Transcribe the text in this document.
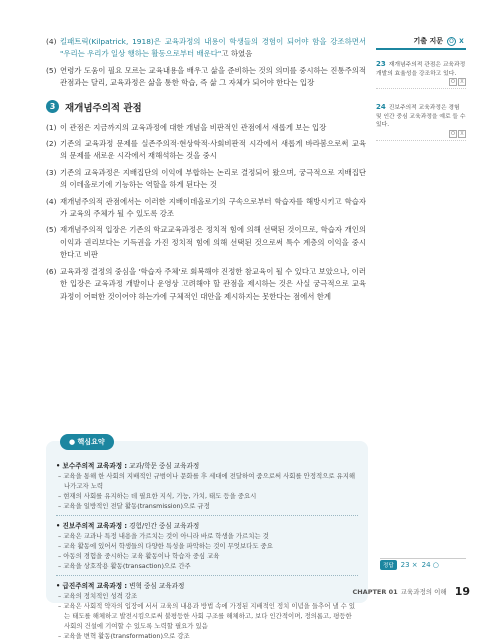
(4) 킬패트릭(Kilpatrick, 1918)은 교육과정의 내용이 학생들의 경험이 되어야 함을 강조하면서 "우리는 우리가 일상 행하는 활동으로부터 배운다"고 하였음
(5) 연령가 도움이 필요 모르는 교육내용을 배우고 삶을 준비하는 것의 의미를 중시하는 진통주의적 관점과는 달리, 교육과정은 삶을 통한 학습, 즉 삶 그 자체가 되어야 한다는 입장
3	재개념주의적 관점
(1) 이 관점은 지금까지의 교육과정에 대한 개념을 비판적인 관점에서 새롭게 보는 입장
(2) 기존의 교육과정 문제를 실존주의적·현상학적·사회비판적 시각에서 새롭게 바라봄으로써 교육의 문제를 새로운 시각에서 재해석하는 것을 중시
(3) 기존의 교육과정은 지배집단의 이익에 부합하는 논리로 결정되어 왔으며, 궁극적으로 지배집단의 이데올로기에 기능하는 역할을 하게 된다는 것
(4) 재개념주의적 관점에서는 이러한 지배이데올로기의 구속으로부터 학습자를 해방시키고 학습자가 교육의 주체가 될 수 있도록 강조
(5) 재개념주의적 입장은 기존의 학교교육과정은 정치적 힘에 의해 선택된 것이므로, 학습자 개인의 이익과 권리보다는 기득권을 가진 정치적 힘에 의해 선택된 것으로써 특수 계층의 이익을 중시한다고 비판
(6) 교육과정 결정의 중심을 '학습자 주체'로 회복해야 진정한 참교육이 될 수 있다고 보았으나, 이러한 입장은 교육과정 개발이나 운영상 고려해야 할 관점을 제시하는 것은 사실 궁극적으로 교육과정이 어떠한 것이어야 하는가에 구체적인 대안을 제시하지는 못한다는 점에서 한계
● 핵심요약
• 보수주의적 교육과정 : 교과/학문 중심 교육과정
– 교육을 통해 한 사회의 지배적인 규범이나 문화를 후 세대에 전달하여 줌으로써 사회를 안정적으로 유지해 나가고자 노력
– 현재의 사회를 유지하는 데 필요한 지식, 기능, 가치, 태도 등을 중요시
– 교육을 일방적인 전달 활동(transmission)으로 규정
• 진보주의적 교육과정 : 경험/인간 중심 교육과정
– 교육은 교과나 특정 내용을 가르치는 것이 아니라 바로 학생을 가르치는 것
– 교육 활동에 있어서 학생들의 다양한 특성을 파악하는 것이 무엇보다도 중요
– 아동의 경험을 중시하는 교육 활동이나 학습자 중심 교육
– 교육을 상호작용 활동(transaction)으로 간주
• 급진주의적 교육과정 : 변혁 중심 교육과정
– 교육의 정치적인 성격 강조
– 교육은 사회적 약자의 입장에 서서 교육의 내용과 방법 속에 가정된 지배적인 정치 이념을 들추어 낼 수 있는 태도를 해체하고 발전시킴으로써 불평등한 사회 구조를 해체하고, 보다 인간적이며, 정의롭고, 평등한 사회의 건설에 기여할 수 있도록 노력할 필요가 있음
– 교육을 변혁 활동(transformation)으로 강조
기출 지문	O X
23 재개념주의적 관점은 교육과정 개발의 효율성을 강조하고 있다.
O	X
24 진보주의적 교육과정은 경험 및 인간 중심 교육과정을 예로 들 수 있다.
O	X
정답	23 × 24 ○
CHAPTER 01 교육과정의 이해 19
